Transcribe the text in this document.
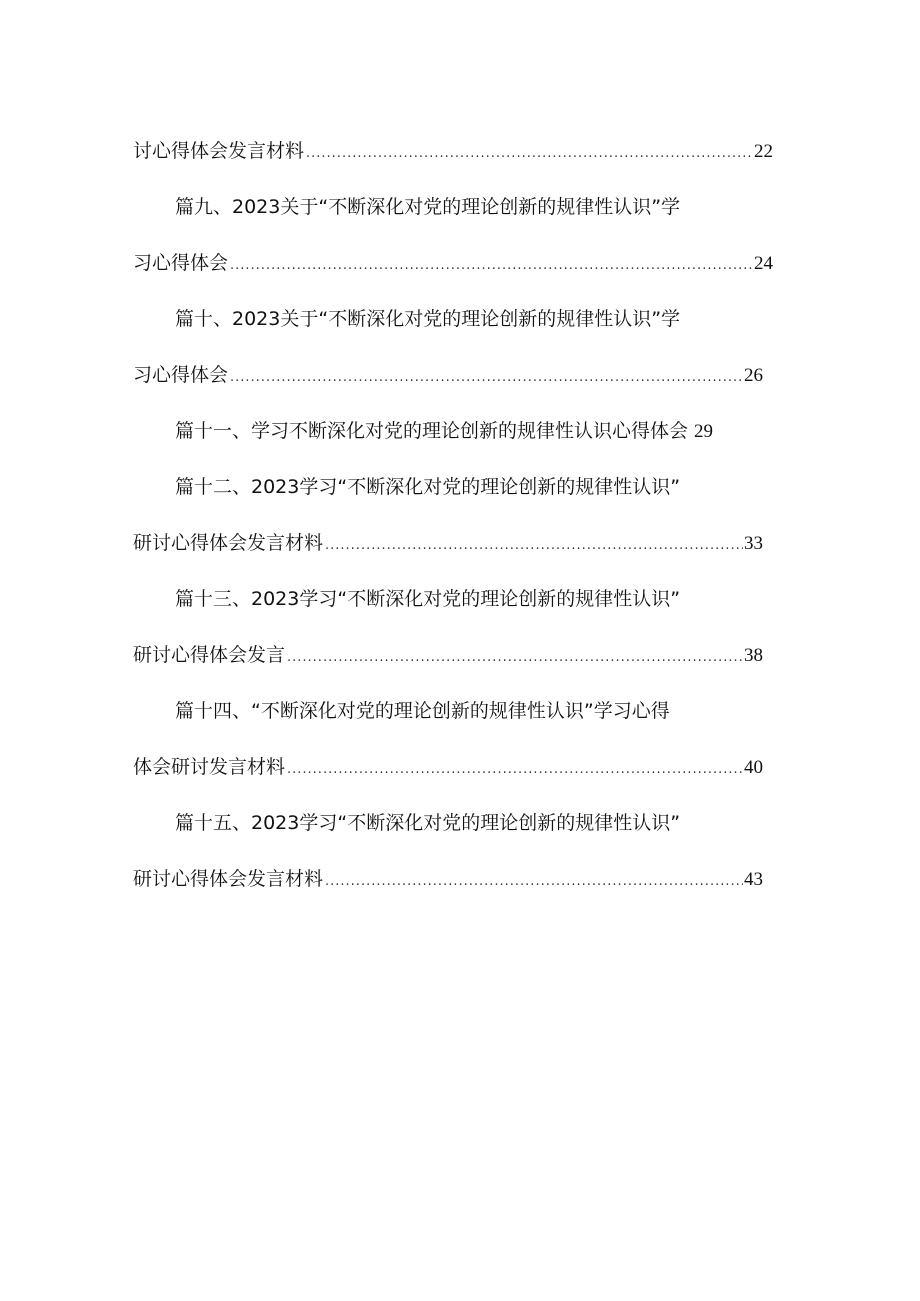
讨心得体会发言材料 .....	22
篇九、2023关于“不断深化对党的理论创新的规律性认识”学
习心得体会 .....	24
篇十、2023关于“不断深化对党的理论创新的规律性认识”学
习心得体会 .....	26
篇十一、学习不断深化对党的理论创新的规律性认识心得体会 29
篇十二、2023学习“不断深化对党的理论创新的规律性认识”
研讨心得体会发言材料 .....	33
篇十三、2023学习“不断深化对党的理论创新的规律性认识”
研讨心得体会发言 .....	38
篇十四、“不断深化对党的理论创新的规律性认识”学习心得
体会研讨发言材料 .....	40
篇十五、2023学习“不断深化对党的理论创新的规律性认识”
研讨心得体会发言材料 .....	43
